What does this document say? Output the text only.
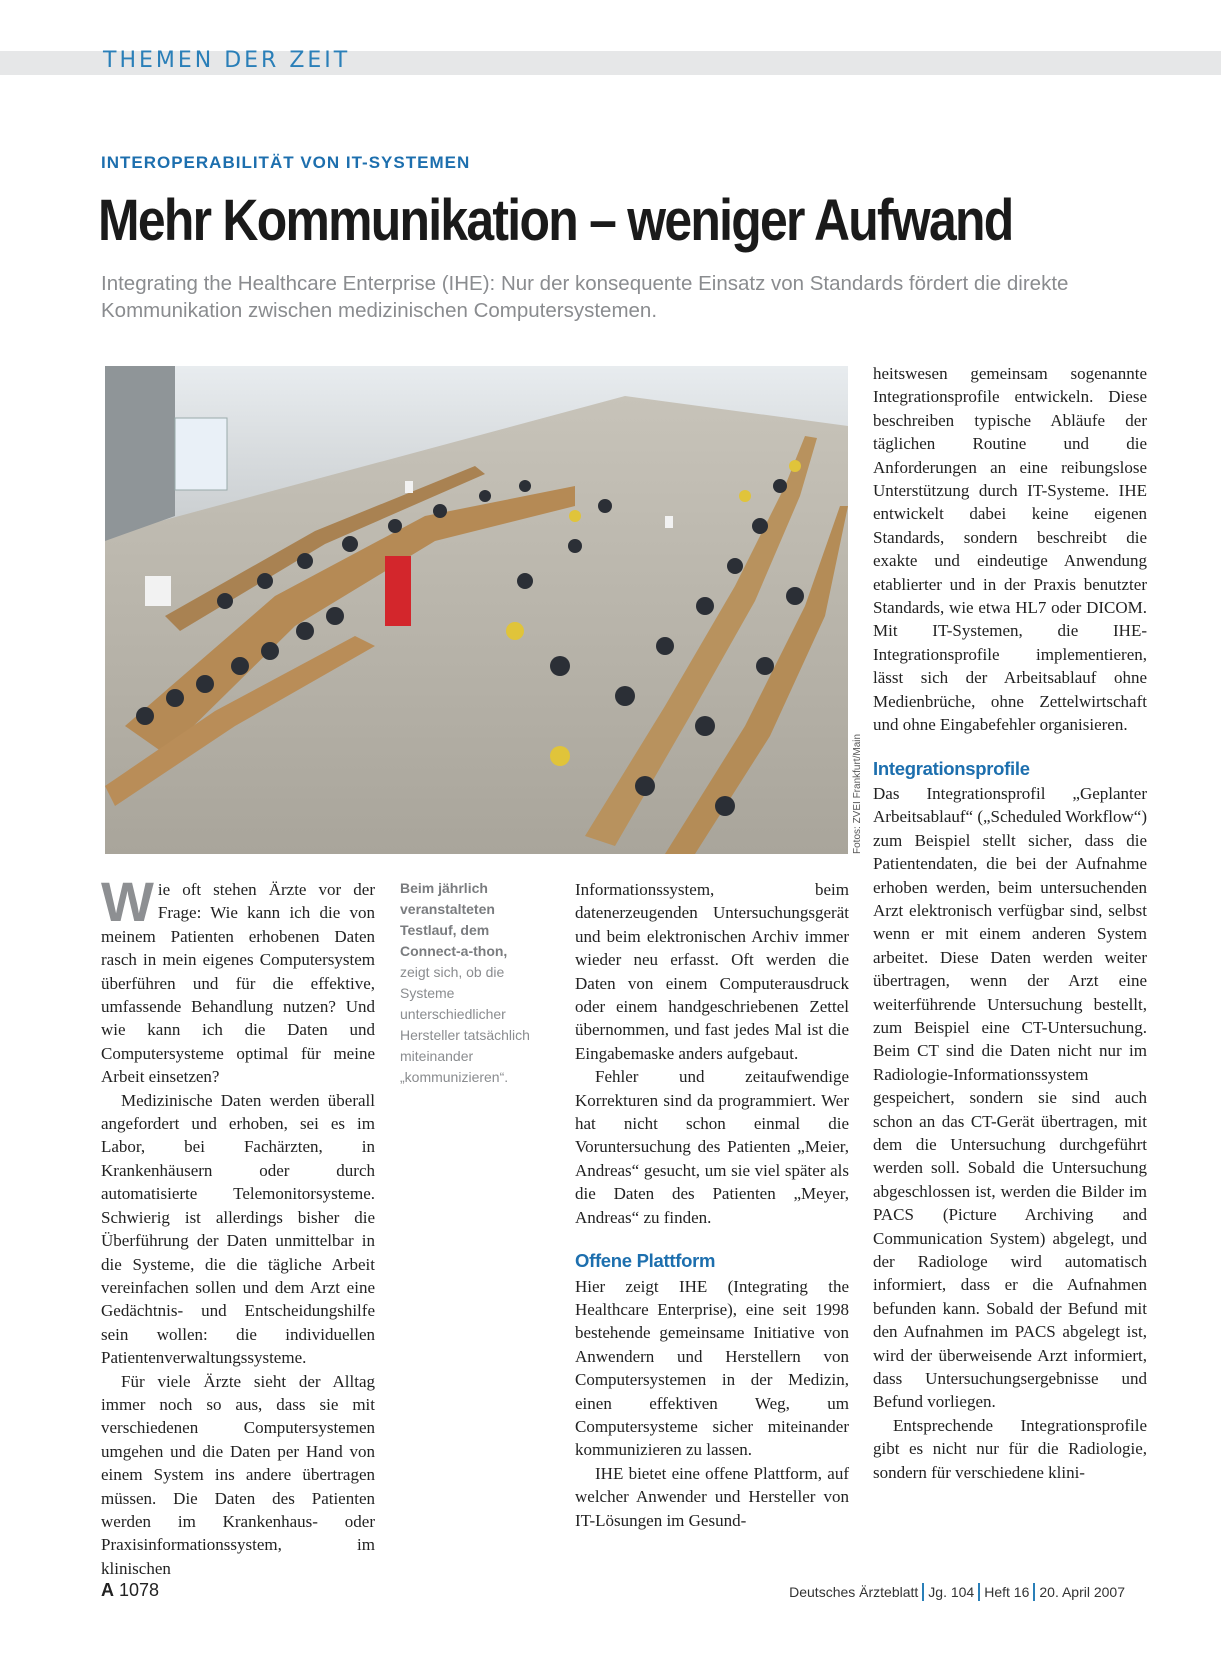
THEMEN DER ZEIT
INTEROPERABILITÄT VON IT-SYSTEMEN
Mehr Kommunikation – weniger Aufwand

Integrating the Healthcare Enterprise (IHE): Nur der konsequente Einsatz von Standards fördert die direkte Kommunikation zwischen medizinischen Computersystemen.

Fotos: ZVEI Frankfurt/Main

Wie oft stehen Ärzte vor der Frage: Wie kann ich die von meinem Patienten erhobenen Daten rasch in mein eigenes Computersystem überführen und für die effektive, umfassende Behandlung nutzen? Und wie kann ich die Daten und Computersysteme optimal für meine Arbeit einsetzen?

Medizinische Daten werden überall angefordert und erhoben, sei es im Labor, bei Fachärzten, in Krankenhäusern oder durch automatisierte Telemonitorsysteme. Schwierig ist allerdings bisher die Überführung der Daten unmittelbar in die Systeme, die die tägliche Arbeit vereinfachen sollen und dem Arzt eine Gedächtnis- und Entscheidungshilfe sein wollen: die individuellen Patientenverwaltungssysteme.

Für viele Ärzte sieht der Alltag immer noch so aus, dass sie mit verschiedenen Computersystemen umgehen und die Daten per Hand von einem System ins andere übertragen müssen. Die Daten des Patienten werden im Krankenhaus- oder Praxisinformationssystem, im klinischen

Beim jährlich veranstalteten Testlauf, dem Connect-a-thon,
zeigt sich, ob die Systeme unterschiedlicher Hersteller tatsächlich miteinander „kommunizieren“.

Informationssystem, beim datenerzeugenden Untersuchungsgerät und beim elektronischen Archiv immer wieder neu erfasst. Oft werden die Daten von einem Computerausdruck oder einem handgeschriebenen Zettel übernommen, und fast jedes Mal ist die Eingabemaske anders aufgebaut.

Fehler und zeitaufwendige Korrekturen sind da programmiert. Wer hat nicht schon einmal die Voruntersuchung des Patienten „Meier, Andreas“ gesucht, um sie viel später als die Daten des Patienten „Meyer, Andreas“ zu finden.

Offene Plattform

Hier zeigt IHE (Integrating the Healthcare Enterprise), eine seit 1998 bestehende gemeinsame Initiative von Anwendern und Herstellern von Computersystemen in der Medizin, einen effektiven Weg, um Computersysteme sicher miteinander kommunizieren zu lassen.

IHE bietet eine offene Plattform, auf welcher Anwender und Hersteller von IT-Lösungen im Gesund-

heitswesen gemeinsam sogenannte Integrationsprofile entwickeln. Diese beschreiben typische Abläufe der täglichen Routine und die Anforderungen an eine reibungslose Unterstützung durch IT-Systeme. IHE entwickelt dabei keine eigenen Standards, sondern beschreibt die exakte und eindeutige Anwendung etablierter und in der Praxis benutzter Standards, wie etwa HL7 oder DICOM. Mit IT-Systemen, die IHE-Integrationsprofile implementieren, lässt sich der Arbeitsablauf ohne Medienbrüche, ohne Zettelwirtschaft und ohne Eingabefehler organisieren.

Integrationsprofile

Das Integrationsprofil „Geplanter Arbeitsablauf“ („Scheduled Workflow“) zum Beispiel stellt sicher, dass die Patientendaten, die bei der Aufnahme erhoben werden, beim untersuchenden Arzt elektronisch verfügbar sind, selbst wenn er mit einem anderen System arbeitet. Diese Daten werden weiter übertragen, wenn der Arzt eine weiterführende Untersuchung bestellt, zum Beispiel eine CT-Untersuchung. Beim CT sind die Daten nicht nur im Radiologie-Informationssystem gespeichert, sondern sie sind auch schon an das CT-Gerät übertragen, mit dem die Untersuchung durchgeführt werden soll. Sobald die Untersuchung abgeschlossen ist, werden die Bilder im PACS (Picture Archiving and Communication System) abgelegt, und der Radiologe wird automatisch informiert, dass er die Aufnahmen befunden kann. Sobald der Befund mit den Aufnahmen im PACS abgelegt ist, wird der überweisende Arzt informiert, dass Untersuchungsergebnisse und Befund vorliegen.

Entsprechende Integrationsprofile gibt es nicht nur für die Radiologie, sondern für verschiedene klini-

A 1078	Deutsches Ärzteblatt Jg. 104 Heft 16 20. April 2007
